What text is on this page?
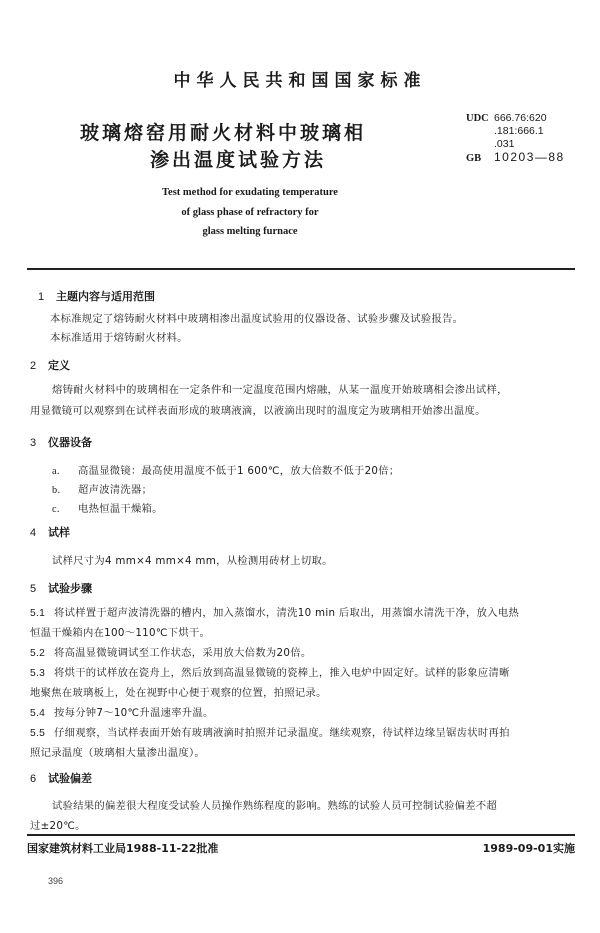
中华人民共和国国家标准
玻璃熔窑用耐火材料中玻璃相
渗出温度试验方法
UDC 666.76:620
.181:666.1
.031
GB 10203—88
Test method for exudating temperature
of glass phase of refractory for
glass melting furnace
1 主题内容与适用范围
本标准规定了熔铸耐火材料中玻璃相渗出温度试验用的仪器设备、试验步骤及试验报告。
本标准适用于熔铸耐火材料。
2 定义
熔铸耐火材料中的玻璃相在一定条件和一定温度范围内熔融，从某一温度开始玻璃相会渗出试样，
用显微镜可以观察到在试样表面形成的玻璃液滴，以液滴出现时的温度定为玻璃相开始渗出温度。
3 仪器设备
a. 高温显微镜：最高使用温度不低于1 600℃，放大倍数不低于20倍；
b. 超声波清洗器；
c. 电热恒温干燥箱。
4 试样
试样尺寸为4 mm×4 mm×4 mm，从检测用砖材上切取。
5 试验步骤
5.1 将试样置于超声波清洗器的槽内，加入蒸馏水，清洗10 min 后取出，用蒸馏水清洗干净，放入电热
恒温干燥箱内在100～110℃下烘干。
5.2 将高温显微镜调试至工作状态，采用放大倍数为20倍。
5.3 将烘干的试样放在瓷舟上，然后放到高温显微镜的瓷棒上，推入电炉中固定好。试样的影象应清晰
地聚焦在玻璃板上，处在视野中心便于观察的位置，拍照记录。
5.4 按每分钟7～10℃升温速率升温。
5.5 仔细观察，当试样表面开始有玻璃液滴时拍照并记录温度。继续观察，待试样边缘呈锯齿状时再拍
照记录温度（玻璃相大量渗出温度）。
6 试验偏差
试验结果的偏差很大程度受试验人员操作熟练程度的影响。熟练的试验人员可控制试验偏差不超
过±20℃。
国家建筑材料工业局1988-11-22批准	1989-09-01实施
396
